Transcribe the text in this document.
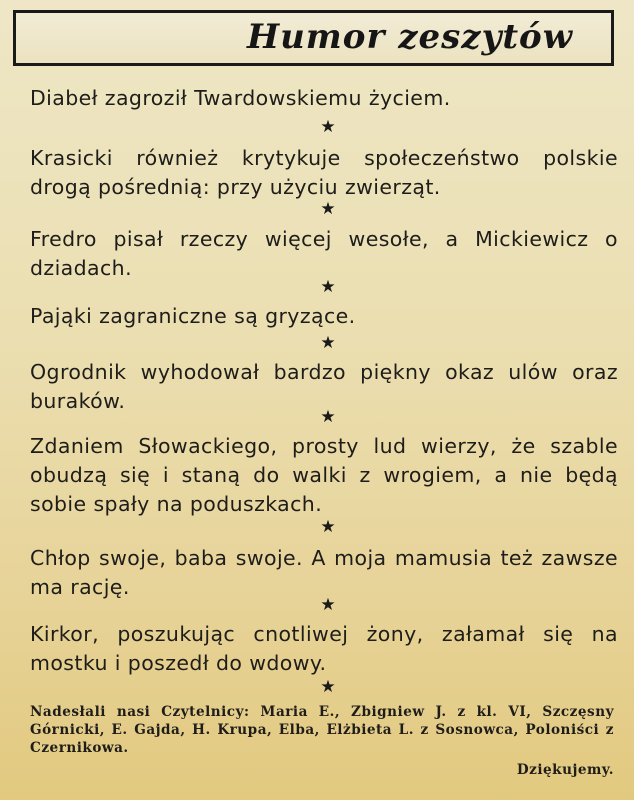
Humor zeszytów

Diabeł zagroził Twardowskiemu życiem.

★

Krasicki również krytykuje społeczeństwo polskie drogą pośrednią: przy użyciu zwierząt.

★

Fredro pisał rzeczy więcej wesołe, a Mickiewicz o dziadach.

★

Pająki zagraniczne są gryzące.

★

Ogrodnik wyhodował bardzo piękny okaz ulów oraz buraków.

★

Zdaniem Słowackiego, prosty lud wierzy, że szable obudzą się i staną do walki z wrogiem, a nie będą sobie spały na poduszkach.

★

Chłop swoje, baba swoje. A moja mamusia też zawsze ma rację.

★

Kirkor, poszukując cnotliwej żony, załamał się na mostku i poszedł do wdowy.

★

Nadesłali nasi Czytelnicy: Maria E., Zbigniew J. z kl. VI, Szczęsny Górnicki, E. Gajda, H. Krupa, Elba, Elżbieta L. z Sosnowca, Poloniści z Czernikowa.

Dziękujemy.
